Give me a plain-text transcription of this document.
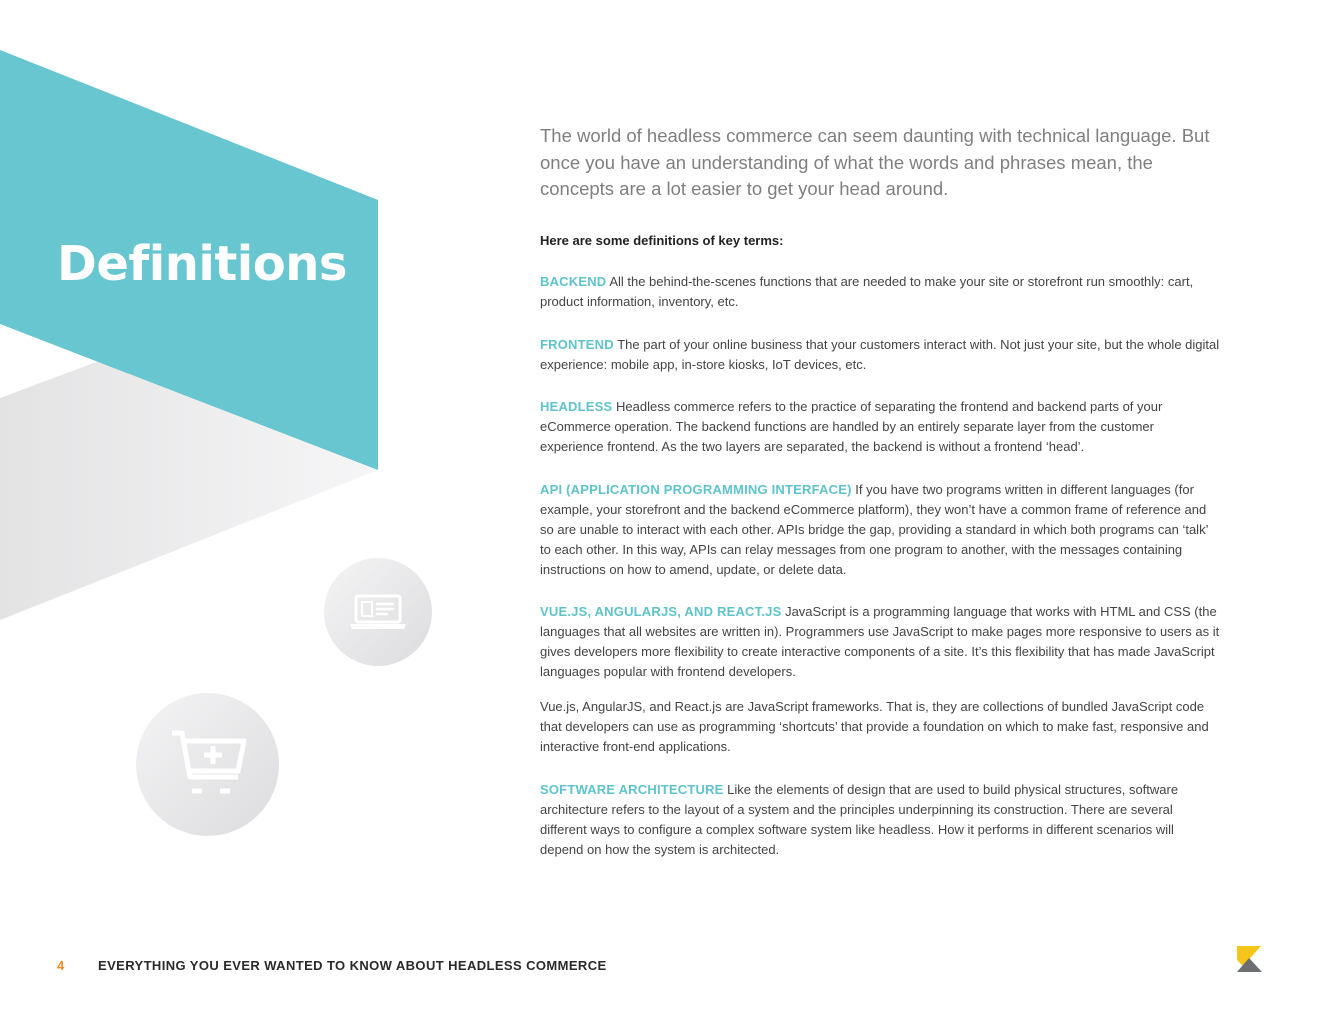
Definitions

The world of headless commerce can seem daunting with technical language. But once you have an understanding of what the words and phrases mean, the concepts are a lot easier to get your head around.

Here are some definitions of key terms:

BACKEND All the behind-the-scenes functions that are needed to make your site or storefront run smoothly: cart, product information, inventory, etc.

FRONTEND The part of your online business that your customers interact with. Not just your site, but the whole digital experience: mobile app, in-store kiosks, IoT devices, etc.

HEADLESS Headless commerce refers to the practice of separating the frontend and backend parts of your eCommerce operation. The backend functions are handled by an entirely separate layer from the customer experience frontend. As the two layers are separated, the backend is without a frontend ‘head’.

API (APPLICATION PROGRAMMING INTERFACE) If you have two programs written in different languages (for example, your storefront and the backend eCommerce platform), they won’t have a common frame of reference and so are unable to interact with each other. APIs bridge the gap, providing a standard in which both programs can ‘talk’ to each other. In this way, APIs can relay messages from one program to another, with the messages containing instructions on how to amend, update, or delete data.

VUE.JS, ANGULARJS, AND REACT.JS JavaScript is a programming language that works with HTML and CSS (the languages that all websites are written in). Programmers use JavaScript to make pages more responsive to users as it gives developers more flexibility to create interactive components of a site. It’s this flexibility that has made JavaScript languages popular with frontend developers.

Vue.js, AngularJS, and React.js are JavaScript frameworks. That is, they are collections of bundled JavaScript code that developers can use as programming ‘shortcuts’ that provide a foundation on which to make fast, responsive and interactive front-end applications.

SOFTWARE ARCHITECTURE Like the elements of design that are used to build physical structures, software architecture refers to the layout of a system and the principles underpinning its construction. There are several different ways to configure a complex software system like headless. How it performs in different scenarios will depend on how the system is architected.

4	EVERYTHING YOU EVER WANTED TO KNOW ABOUT HEADLESS COMMERCE
